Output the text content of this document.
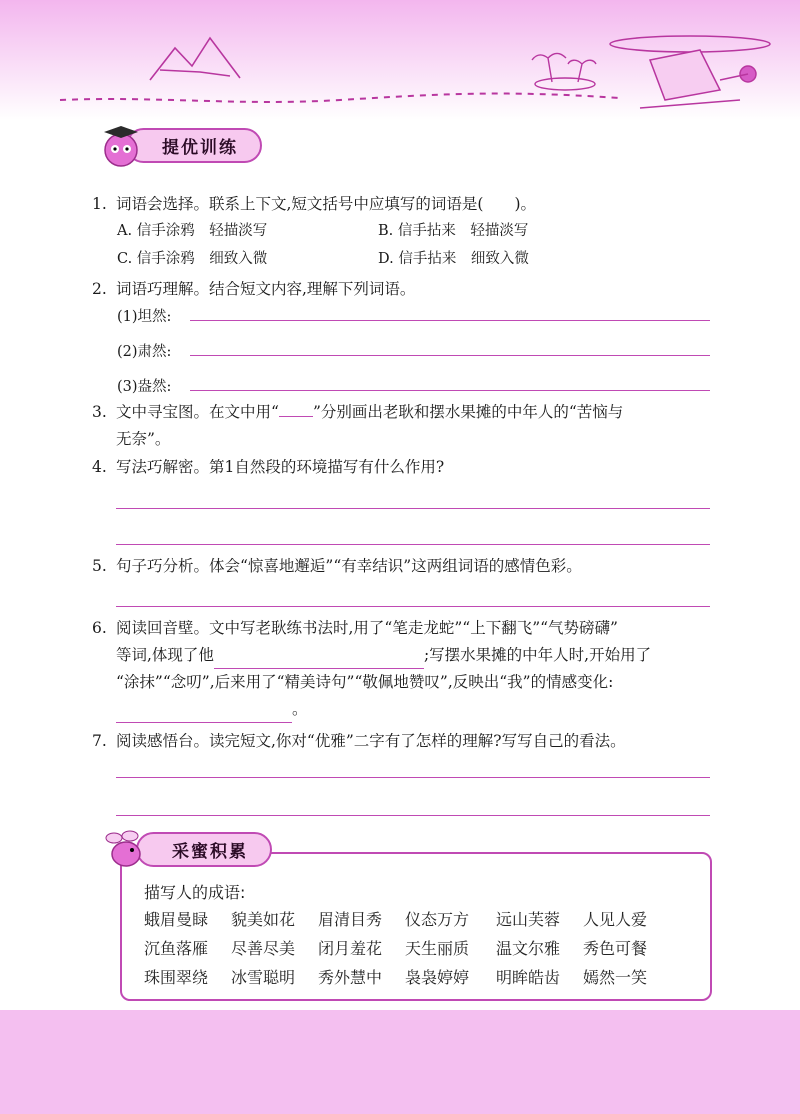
提优训练
1. 词语会选择。联系上下文,短文括号中应填写的词语是(　　)。
A. 信手涂鸦　轻描淡写	B. 信手拈来　轻描淡写
C. 信手涂鸦　细致入微	D. 信手拈来　细致入微
2. 词语巧理解。结合短文内容,理解下列词语。
(1)坦然:
(2)肃然:
(3)盎然:
3. 文中寻宝图。在文中用“ ”分别画出老耿和摆水果摊的中年人的“苦恼与
无奈”。
4. 写法巧解密。第1自然段的环境描写有什么作用?
5. 句子巧分析。体会“惊喜地邂逅”“有幸结识”这两组词语的感情色彩。
6. 阅读回音壁。文中写老耿练书法时,用了“笔走龙蛇”“上下翻飞”“气势磅礴”
等词,体现了他	;写摆水果摊的中年人时,开始用了
“涂抹”“念叨”,后来用了“精美诗句”“敬佩地赞叹”,反映出“我”的情感变化:
。
7. 阅读感悟台。读完短文,你对“优雅”二字有了怎样的理解?写写自己的看法。
采蜜积累
描写人的成语:
蛾眉曼睩 貌美如花 眉清目秀 仪态万方 远山芙蓉 人见人爱
沉鱼落雁 尽善尽美 闭月羞花 天生丽质 温文尔雅 秀色可餐
珠围翠绕 冰雪聪明 秀外慧中 袅袅婷婷 明眸皓齿 嫣然一笑
